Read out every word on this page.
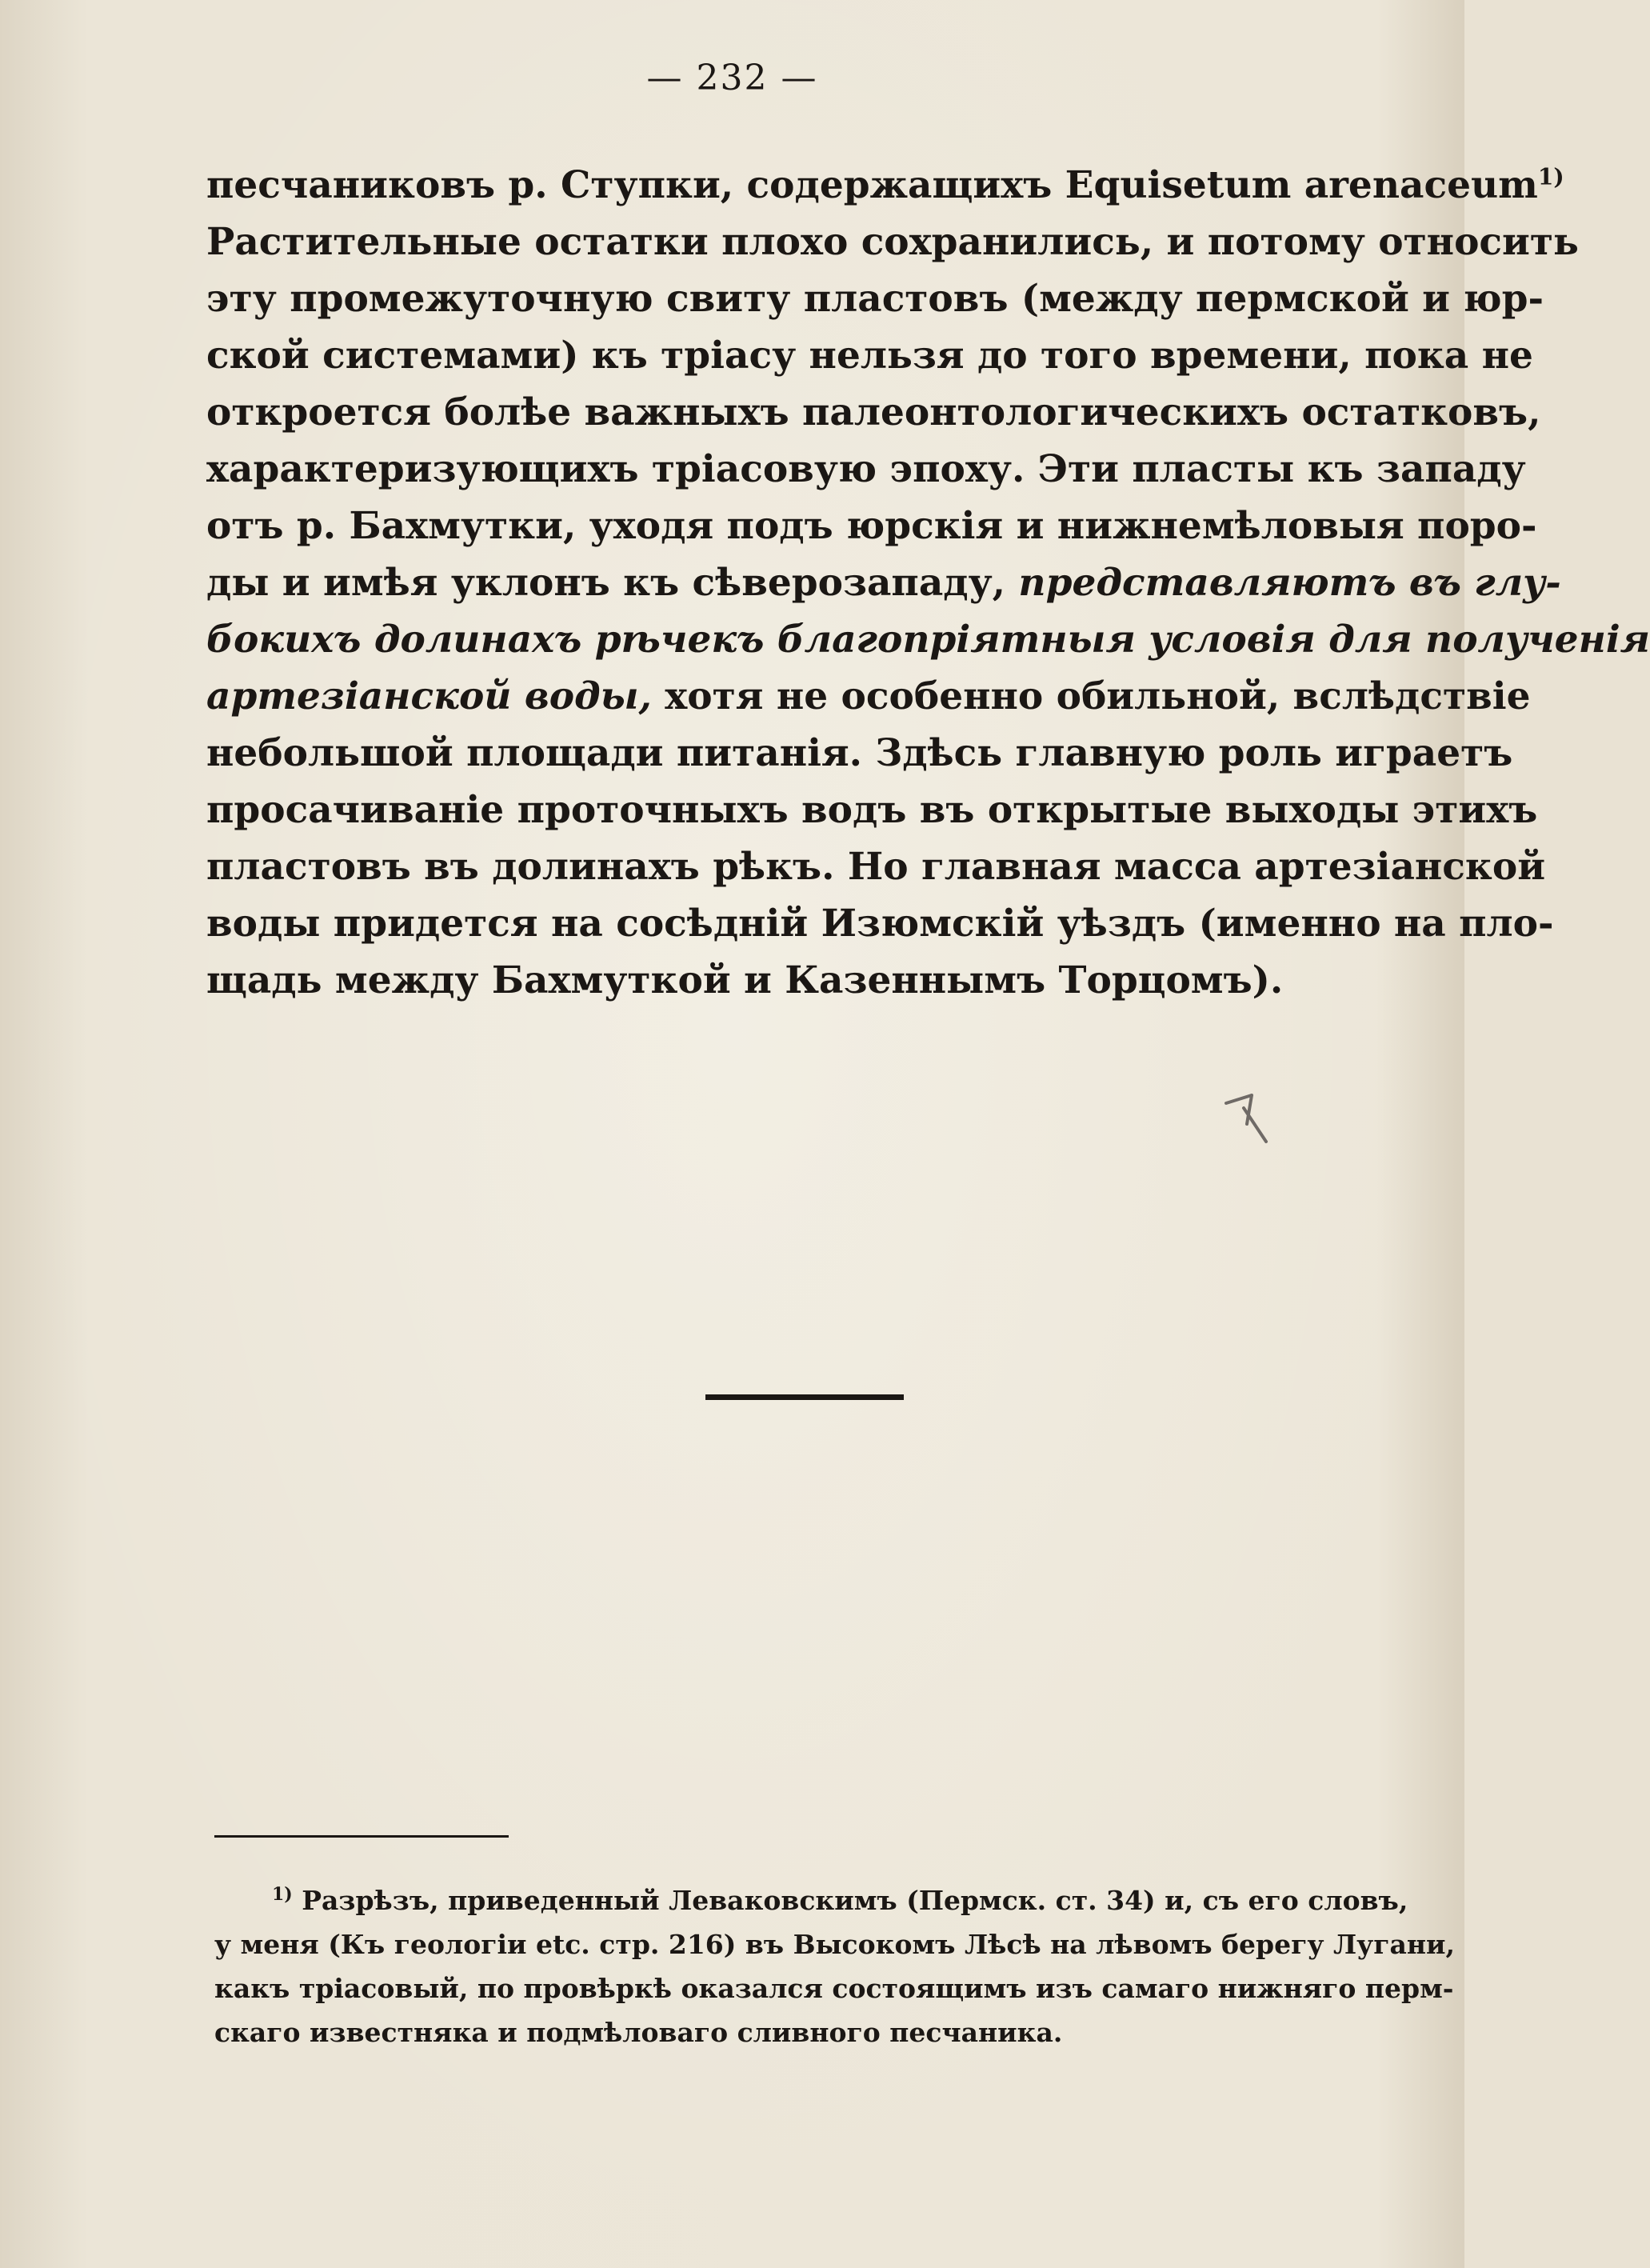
— 232 —
песчаниковъ р. Ступки, содержащихъ Equisetum arenaceum$^{1)}$
Растительные остатки плохо сохранились, и потому относить
эту промежуточную свиту пластовъ (между пермской и юр-
ской системами) къ тріасу нельзя до того времени, пока не
откроется болѣе важныхъ палеонтологическихъ остатковъ,
характеризующихъ тріасовую эпоху. Эти пласты къ западу
отъ р. Бахмутки, уходя подъ юрскія и нижнемѣловыя поро-
ды и имѣя уклонъ къ сѣверозападу, представляютъ въ глу-
бокихъ долинахъ рѣчекъ благопріятныя условія для полученія
артезіанской воды, хотя не особенно обильной, вслѣдствіе
небольшой площади питанія. Здѣсь главную роль играетъ
просачиваніе проточныхъ водъ въ открытые выходы этихъ
пластовъ въ долинахъ рѣкъ. Но главная масса артезіанской
воды придется на сосѣдній Изюмскій уѣздъ (именно на пло-
щадь между Бахмуткой и Казеннымъ Торцомъ).
$^{1)}$ Разрѣзъ, приведенный Леваковскимъ (Пермск. ст. 34) и, съ его словъ,
у меня (Къ геологіи etc. стр. 216) въ Высокомъ Лѣсѣ на лѣвомъ берегу Лугани,
какъ тріасовый, по провѣркѣ оказался состоящимъ изъ самаго нижняго перм-
скаго известняка и подмѣловаго сливного песчаника.
